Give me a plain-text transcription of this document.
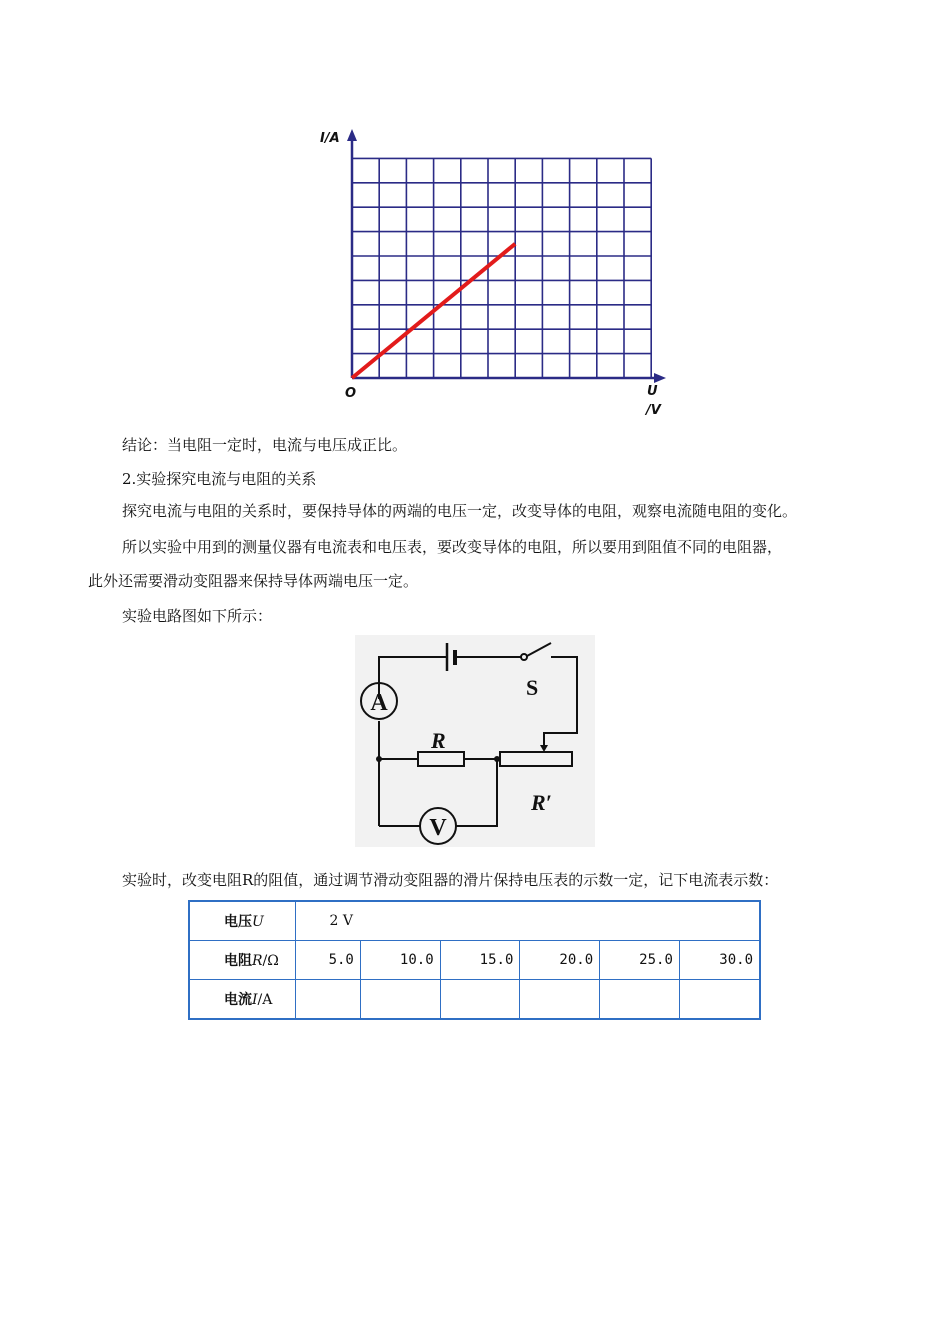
I/A
O	U
/V
结论：当电阻一定时，电流与电压成正比。
2.实验探究电流与电阻的关系
探究电流与电阻的关系时，要保持导体的两端的电压一定，改变导体的电阻，观察电流随电阻的变化。
所以实验中用到的测量仪器有电流表和电压表，要改变导体的电阻，所以要用到阻值不同的电阻器，
此外还需要滑动变阻器来保持导体两端电压一定。
实验电路图如下所示：
A
V
S
R
R′
实验时，改变电阻R的阻值，通过调节滑动变阻器的滑片保持电压表的示数一定，记下电流表示数：
电压U	2 V					
电阻R/Ω	5.0	10.0	15.0	20.0	25.0	30.0
电流I/A						
